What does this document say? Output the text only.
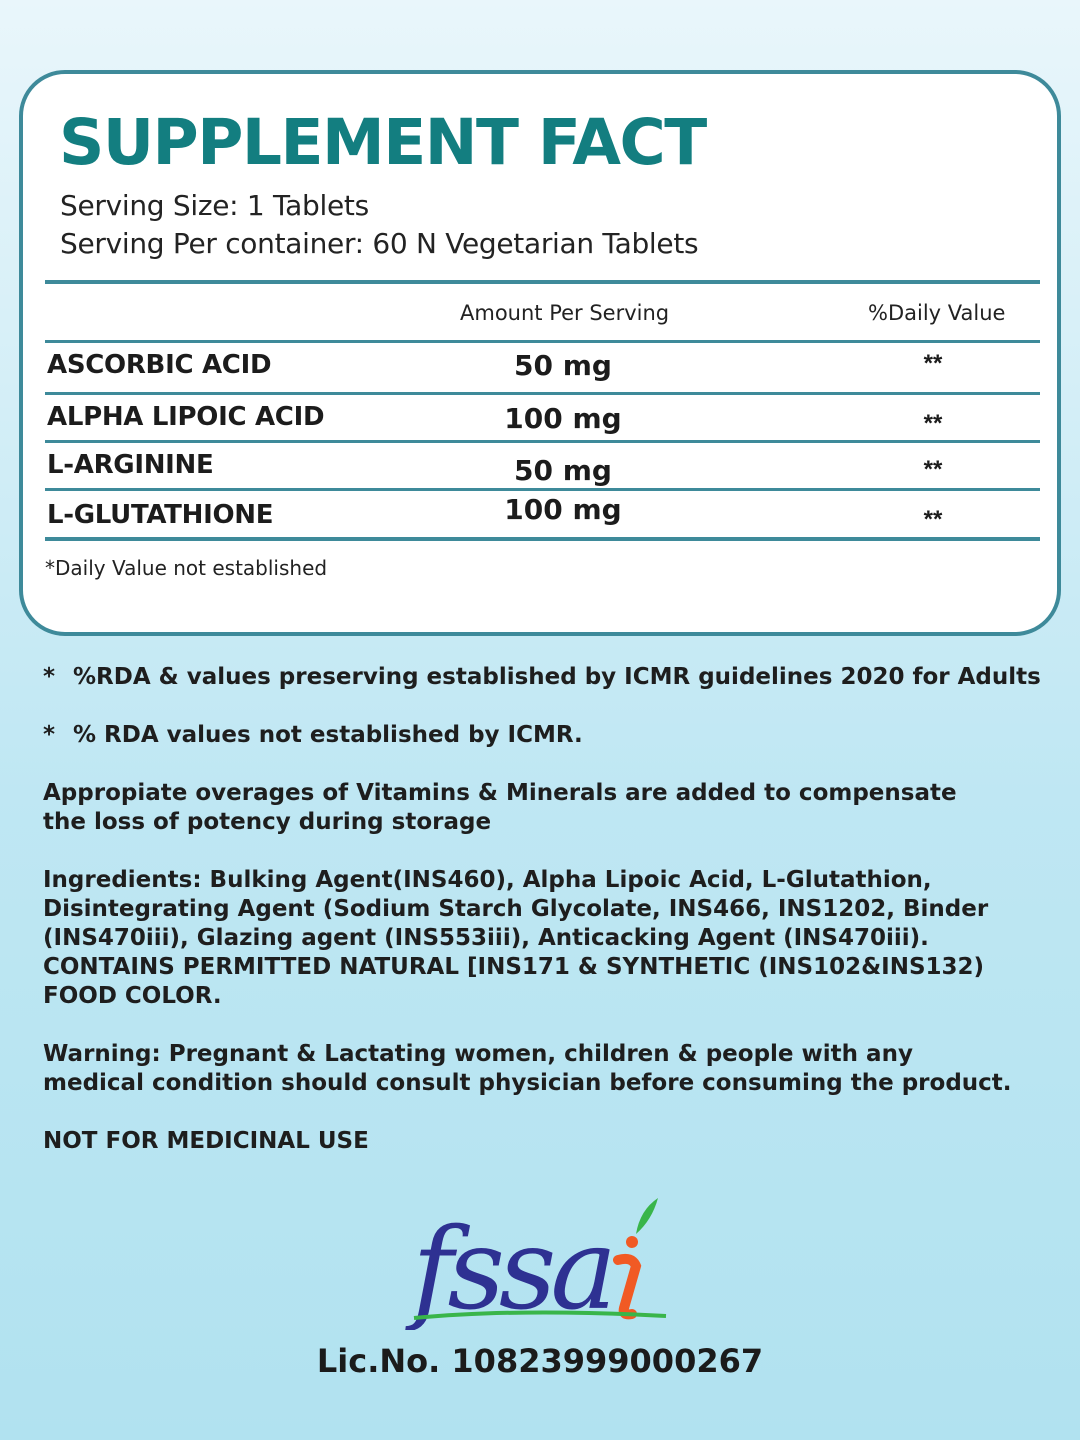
SUPPLEMENT FACT
Serving Size: 1 Tablets
Serving Per container: 60 N Vegetarian Tablets
Amount Per Serving	%Daily Value
ASCORBIC ACID	50 mg	**
ALPHA LIPOIC ACID	100 mg	**
L-ARGININE	50 mg	**
L-GLUTATHIONE	100 mg	**
*Daily Value not established
* %RDA & values preserving established by ICMR guidelines 2020 for Adults
* % RDA values not established by ICMR.
Appropiate overages of Vitamins & Minerals are added to compensate
the loss of potency during storage
Ingredients: Bulking Agent(INS460), Alpha Lipoic Acid, L-Glutathion,
Disintegrating Agent (Sodium Starch Glycolate, INS466, INS1202, Binder
(INS470iii), Glazing agent (INS553iii), Anticacking Agent (INS470iii).
CONTAINS PERMITTED NATURAL [INS171 & SYNTHETIC (INS102&INS132)
FOOD COLOR.
Warning: Pregnant & Lactating women, children & people with any
medical condition should consult physician before consuming the product.
NOT FOR MEDICINAL USE
fssa
Lic.No. 10823999000267
